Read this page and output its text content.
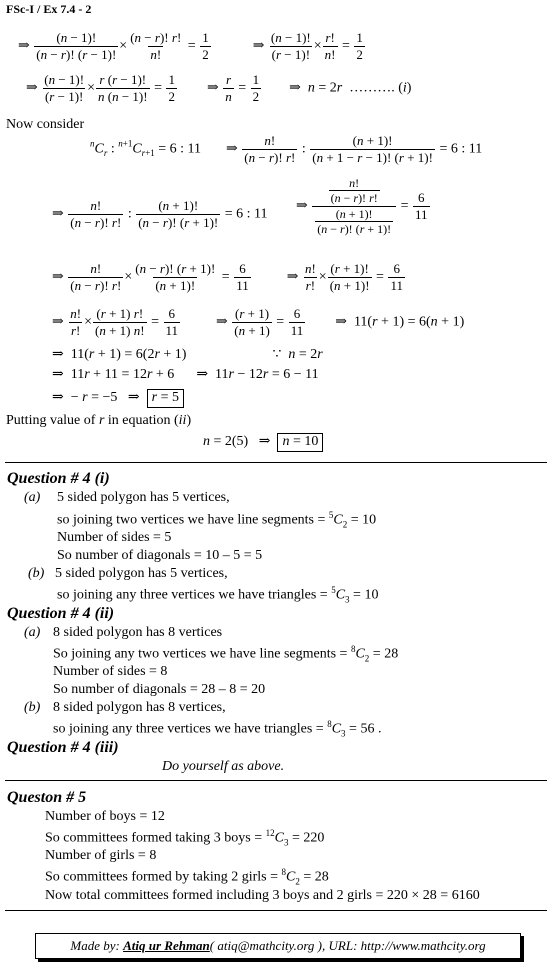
FSc-I / Ex 7.4 - 2
⇒ $\frac{(n - 1)!}{(n - r)! (r - 1)!} \times \frac{(n - r)! r!}{n!} = \frac{1}{2}$	⇒ $\frac{(n - 1)!}{(r - 1)!} \times \frac{r!}{n!} = \frac{1}{2}$
⇒ $\frac{(n - 1)!}{(r - 1)!} \times \frac{r (r - 1)!}{n (n - 1)!} = \frac{1}{2}$ ⇒ $\frac{r}{n} = \frac{1}{2}$ ⇒  n = 2r  ………. (i)
Now consider
$^nC_r$ : $^{n+1}C_{r+1} = 6$ : 11  ⇒ $\frac{n!}{(n - r)! r!}$ : $\frac{(n + 1)!}{(n + 1 - r - 1)! (r + 1)!} = 6$ : 11
⇒ $\frac{n!}{(n - r)! r!}$ : $\frac{(n + 1)!}{(n - r)! (r + 1)!} = 6$ : 11
⇒ $\frac{\frac{n!}{(n - r)! r!}}{\frac{(n + 1)!}{(n - r)! (r + 1)!}} = \frac{6}{11}$
⇒ $\frac{n!}{(n - r)! r!} \times \frac{(n - r)! (r + 1)!}{(n + 1)!} = \frac{6}{11}$ ⇒ $\frac{n!}{r!} \times \frac{(r + 1)!}{(n + 1)!} = \frac{6}{11}$
⇒ $\frac{n!}{r!} \times \frac{(r + 1) r!}{(n + 1) n!} = \frac{6}{11}$ ⇒ $\frac{(r + 1)}{(n + 1)} = \frac{6}{11}$ ⇒  11(r + 1) = 6(n + 1)
⇒  11(r + 1) = 6(2r + 1)	∵  n = 2r
⇒  11r + 11 = 12r + 6 ⇒  11r − 12r = 6 − 11
⇒  − r = −5   ⇒  r = 5
Putting value of r in equation (ii)
n = 2(5)   ⇒  n = 10
Question # 4 (i)
(a) 5 sided polygon has 5 vertices,
so joining two vertices we have line segments = $^5C_2 = 10$
Number of sides = 5
So number of diagonals = 10 – 5 = 5
(b) 5 sided polygon has 5 vertices,
so joining any three vertices we have triangles = $^5C_3 = 10$
Question # 4 (ii)
(a) 8 sided polygon has 8 vertices
So joining any two vertices we have line segments = $^8C_2 = 28$
Number of sides = 8
So number of diagonals = 28 – 8 = 20
(b) 8 sided polygon has 8 vertices,
so joining any three vertices we have triangles = $^8C_3 = 56$ .
Question # 4 (iii)
Do yourself as above.
Queston # 5
Number of boys = 12
So committees formed taking 3 boys = $^{12}C_3 = 220$
Number of girls = 8
So committees formed by taking 2 girls = $^8C_2 = 28$
Now total committees formed including 3 boys and 2 girls = 220 × 28 = 6160
Made by:
Atiq ur Rehman ( atiq@mathcity.org ), URL: http://www.mathcity.org
